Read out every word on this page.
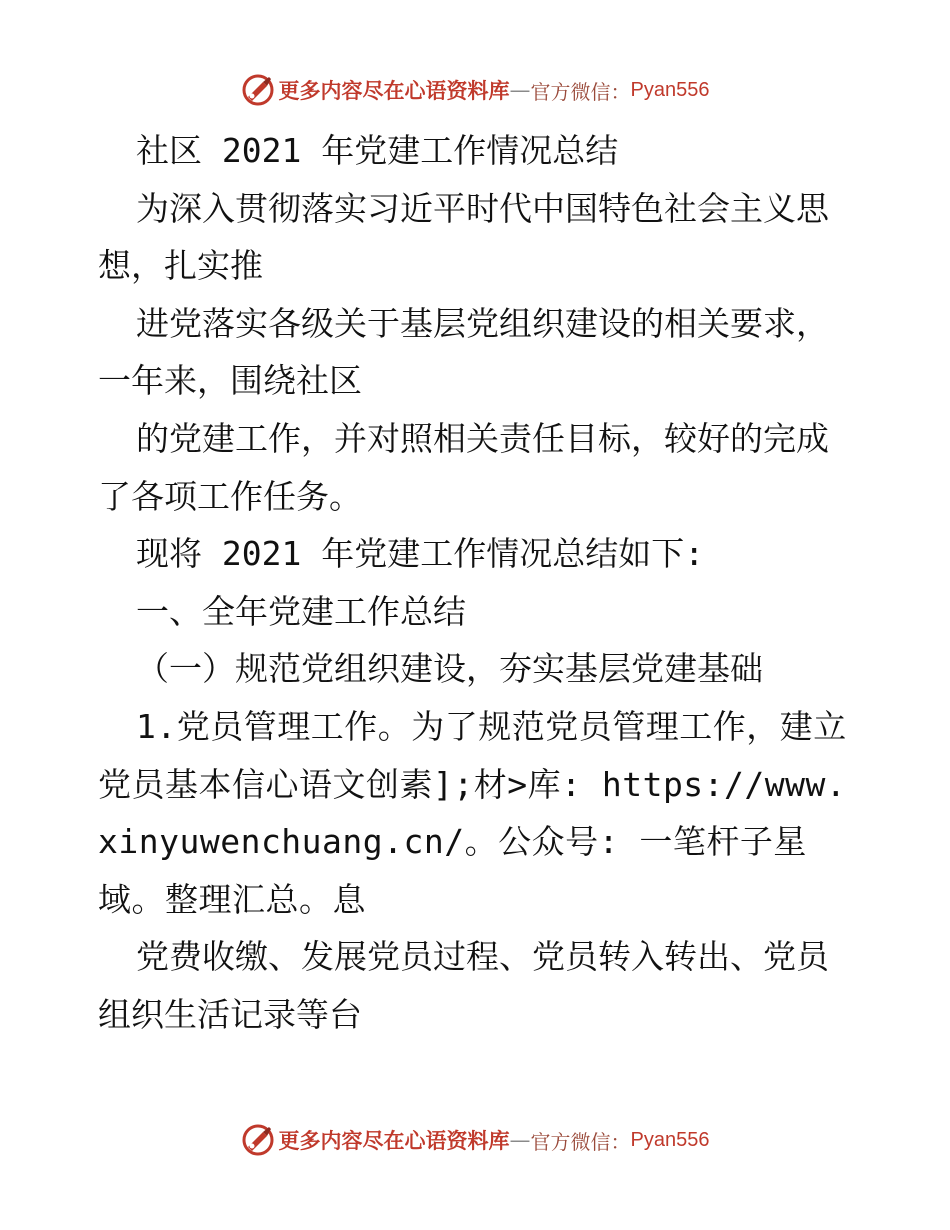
更多内容尽在心语资料库 — 官方微信： Pyan556

社区 2021 年党建工作情况总结

为深入贯彻落实习近平时代中国特色社会主义思想，扎实推

进党落实各级关于基层党组织建设的相关要求，一年来，围绕社区

的党建工作，并对照相关责任目标，较好的完成了各项工作任务。

现将 2021 年党建工作情况总结如下:

一、全年党建工作总结

（一）规范党组织建设，夯实基层党建基础

1.党员管理工作。为了规范党员管理工作，建立党员基本信心语文创素];材>库: https://www.xinyuwenchuang.cn/。公众号: 一笔杆子星域。整理汇总。息

党费收缴、发展党员过程、党员转入转出、党员组织生活记录等台

更多内容尽在心语资料库 — 官方微信： Pyan556
